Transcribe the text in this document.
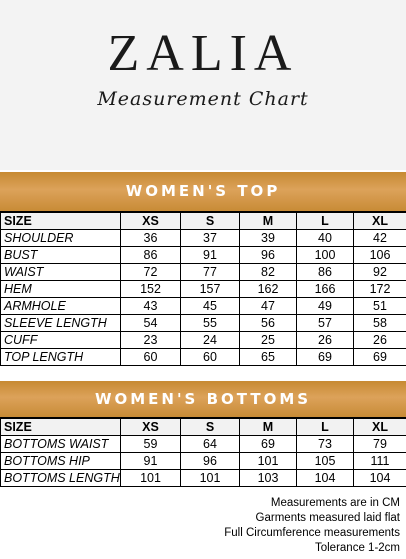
ZALIA
Measurement Chart
WOMEN'S TOP
SIZE	XS	S	M	L	XL
SHOULDER	36	37	39	40	42
BUST	86	91	96	100	106
WAIST	72	77	82	86	92
HEM	152	157	162	166	172
ARMHOLE	43	45	47	49	51
SLEEVE LENGTH	54	55	56	57	58
CUFF	23	24	25	26	26
TOP LENGTH	60	60	65	69	69
WOMEN'S BOTTOMS
SIZE	XS	S	M	L	XL
BOTTOMS WAIST	59	64	69	73	79
BOTTOMS HIP	91	96	101	105	111
BOTTOMS LENGTH	101	101	103	104	104
Measurements are in CM
Garments measured laid flat
Full Circumference measurements
Tolerance 1-2cm
